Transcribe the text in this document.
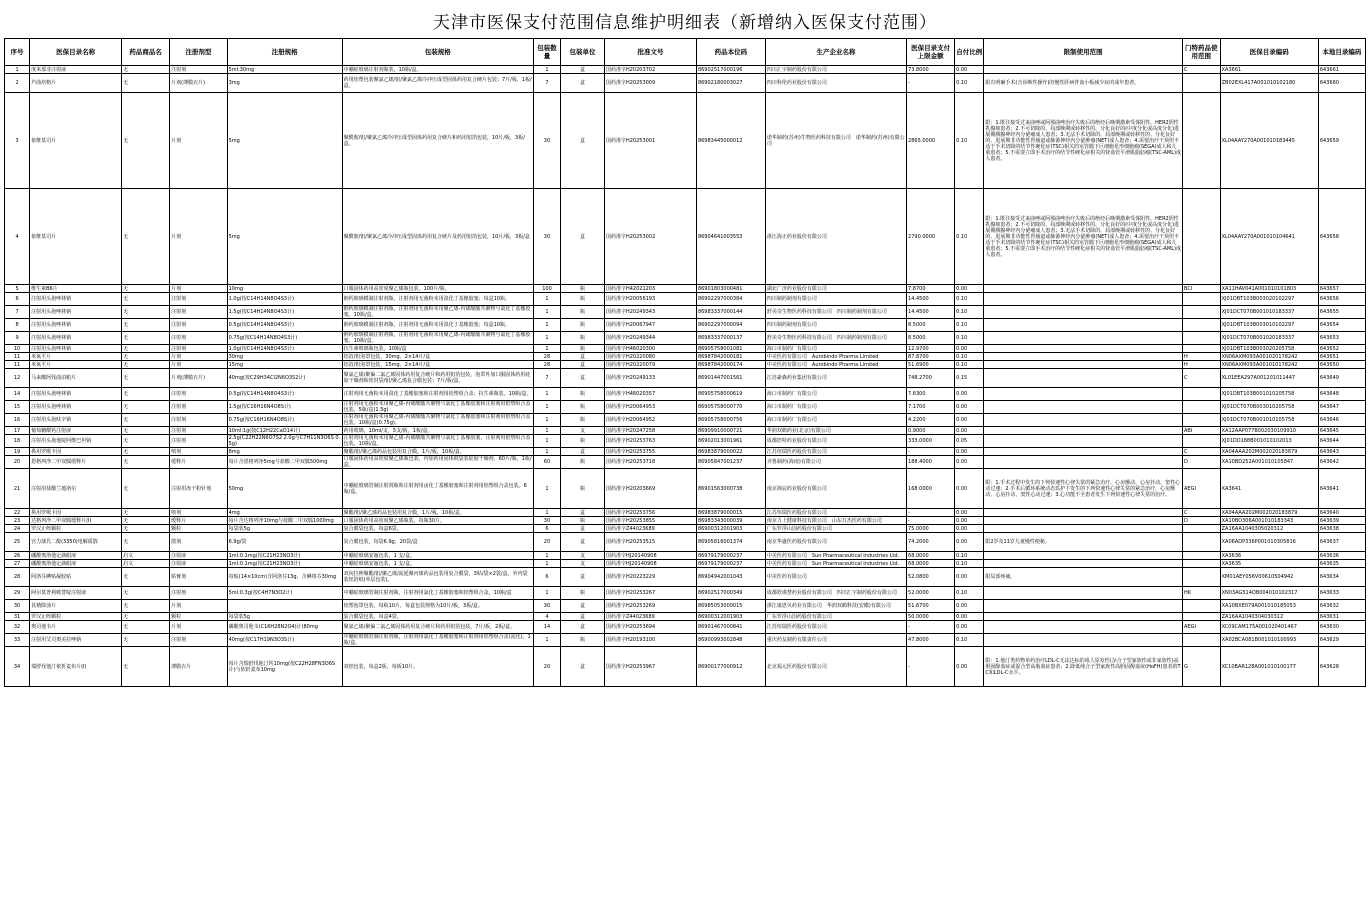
天津市医保支付范围信息维护明细表（新增纳入医保支付范围）
序号	医保目录名称	药品商品名	注册剂型	注册规格	包装规格	包装数量	包装单位	批准文号	药品本位码	生产企业名称	医保目录支付上限金额	自付比例	限制使用范围	门特药品使用范围	医保目录编码	本地目录编码
1	度米那非注射液	无	注射剂	5ml:30mg	中硼硅玻璃注射剂瓶装，10瓶/盒。	1	盒	国药准字H20203702	86902517000196	四川汇宇制药股份有限公司	73.8000	0.00		C	XA3661	643661
2	芦曲培格片	无	片剂(薄膜衣片)	3mg	药用铝塑包装聚氯乙烯/铝/聚氯乙烯冷冲压成型固体药用复合硬片包装；7片/板，1板/盒。	7	盒	国药准字H20253009	86902180003027	四川科伦药业股份有限公司	-	0.10	限有明确手术(含诊断性操作)的慢性肝病伴血小板减少症的成年患者。		ZB02EXL417A001010102180	643660
3	依维莫司片	无	片剂	5mg	聚酰胺/铝/聚氯乙烯冷冲压成型固体药用复合硬片和药用铝箔包装，10片/板，3板/盒。	30	盒	国药准字H20253001	86983445000012	诺华制药(苏州)生物医药科技有限公司　诺华制药(苏州)有限公司	2865.0000	0.10	限：1.既往接受过来曲唑或阿那曲唑治疗失败后的绝经后晚期激素受体阳性、HER2阴性乳腺癌患者；2.不可切除的、局部晚期或转移性的、分化良好的(中度分化或高度分化)进展期胰腺神经内分泌瘤成人患者；3.无法手术切除的、局部晚期或转移性的、分化良好的、进展期非功能性胃肠道或肺源神经内分泌肿瘤(NET)成人患者；4.需要治疗干预但不适于手术切除的结节性硬化症(TSC)相关的室管膜下巨细胞星形细胞瘤(SEGA)成人和儿童患者；5.不需要立即手术治疗的结节性硬化症相关的肾血管平滑肌脂肪瘤(TSC-AML)成人患者。		XL04AAY270A001010183445	643659
4	依维莫司片	无	片剂	5mg	聚酰胺/铝/聚氯乙烯冷冲压成型固体药用复合硬片及药用铝箔包装，10片/板，3板/盒	30	盒	国药准字H20253002	86904641003553	浙江海正药业股份有限公司	2790.0000	0.10	限：1.既往接受过来曲唑或阿那曲唑治疗失败后的绝经后晚期激素受体阳性、HER2阴性乳腺癌患者；2.不可切除的、局部晚期或转移性的、分化良好的(中度分化或高度分化)进展期胰腺神经内分泌瘤成人患者；3.无法手术切除的、局部晚期或转移性的、分化良好的、进展期非功能性胃肠道或肺源神经内分泌肿瘤(NET)成人患者；4.需要治疗干预但不适于手术切除的结节性硬化症(TSC)相关的室管膜下巨细胞星形细胞瘤(SEGA)成人和儿童患者；5.不需要立即手术治疗的结节性硬化症相关的肾血管平滑肌脂肪瘤(TSC-AML)成人患者。		XL04AAY270A001010104641	643658
5	维生素B6片	无	片剂	10mg	口服固体药用高密度聚乙烯瓶包装，100片/瓶。	100	瓶	国药准字H42021203	86901803000481	湖北广济药业股份有限公司	7.8700	0.00		BCI	XA11HAV041A001010101803	643657
6	注射用头孢唑林钠	无	注射剂	1.0g(按C14H14N8O4S3计)	钠钙玻璃模制注射剂瓶，注射剂用无菌粉末用溴化丁基橡胶塞；每盒10瓶。	1	瓶	国药准字H20056193	86902297000384	四川制药制剂有限公司	14.4500	0.10			XJ01DBT103B003020102297	643656
7	注射用头孢唑林钠	无	注射剂	1.5g(按C14H14N8O4S3计)	钠钙玻璃模制注射剂瓶，注射剂用无菌粉末用聚乙烯-丙烯酸酯共聚物与氯化丁基橡胶塞，10瓶/盒。	1	瓶	国药准字H20249343	86983337000144	舒美奇生物医药科技有限公司　四川制药制剂有限公司	14.4500	0.10			XJ01DCT070B001010183337	643655
8	注射用头孢唑林钠	无	注射剂	0.5g(按C14H14N8O4S3计)	钠钙玻璃模制注射剂瓶，注射剂用无菌粉末用溴化丁基橡胶塞；每盒10瓶。	1	瓶	国药准字H20067947	86902297000094	四川制药制剂有限公司	8.5000	0.10			XJ01DBT103B003010102297	643654
9	注射用头孢唑林钠	无	注射剂	0.75g(按C14H14N8O4S3计)	钠钙玻璃模制注射剂瓶，注射剂用无菌粉末用聚乙烯-丙烯酸酯共聚物与氯化丁基橡胶塞，10瓶/盒。	1	瓶	国药准字H20249344	86983337000137	舒美奇生物医药科技有限公司　四川制药制剂有限公司	8.5000	0.10			XJ01DCT070B001020183337	643653
10	注射用头孢唑林钠	无	注射剂	1.0g(按C14H14N8O4S3计)	抗生素玻璃瓶包装，10瓶/盒	1	瓶	国药准字H46020300	86905758001081	海口市制药厂有限公司	12.9700	0.00			XJ01DBT103B003020205758	643652
11	米氮平片	无	片剂	30mg	铝箔/铝泡罩包装，30mg，2×14片/盒	28	盒	国药准字H20220080	86987842000181	中美医药有限公司　Aurobindo Pharma Limited	87.8700	0.10		H	XN06AXM093A001020178242	643651
11	米氮平片	无	片剂	15mg	铝箔/铝泡罩包装，15mg，2×14片/盒	28	盒	国药准字H20220079	86987842000174	中美医药有限公司　Aurobindo Pharma Limited	51.6900	0.10		H	XN06AXM093A001010178242	643650
12	马来酸阿伐曲泊帕片	无	片剂(薄膜衣片)	40mg(按C29H34Cl2N6O3S2计)	聚氯乙烯/聚偏二氯乙烯固体药用复合硬片和药用铝箔包装，泡罩外加口服固体药用硅胶干燥剂和密封袋/铝/聚乙烯复合膜包装；7片/板/盒。	7	盒	国药准字H20249133	86901447001561	江苏豪森药业集团有限公司	748.2700	0.15		C	XL01EEA297A001201011447	643649
14	注射用头孢唑林钠	无	注射剂	0.5g(按C14H14N8O4S3计)	注射剂用无菌粉末用溴化丁基橡胶塞和注射剂用铝塑组合盖；抗生素瓶装。10瓶/盒。	1	瓶	国药准字H46020357	86905758000619	海口市制药厂有限公司	7.6300	0.00			XJ01DBT103B001010205758	643648
15	注射用头孢唑林钠	无	注射剂	1.5g(按C16H16N4O8S计)	注射剂用无菌粉末用聚乙烯-丙烯酸酯共聚物与氯化丁基橡胶塞和注射剂用铝塑组合盖包装。5瓶/盒(1.5g)	1	瓶	国药准字H20064953	86905758000770	海口市制药厂有限公司	7.1700	0.00			XJ01DCT070B003010205758	643647
16	注射用头孢呋辛钠	无	注射剂	0.75g(按C16H16N4O8S计)	注射剂用无菌粉末用聚乙烯-丙烯酸酯共聚物与氯化丁基橡胶塞和注射剂用铝塑组合盖包装。10瓶/盒(0.75g)。	1	瓶	国药准字H20064952	86905758000756	海口市制药厂有限公司	4.2200	0.00			XJ01DCT070B001010105758	643646
17	葡萄糖酸钙注射液	无	注射剂	10ml:1g(按C12H22CaO14计)	药用玻璃，10ml/支，5支/板，1板/盒。	1	支	国药准字H20247258	86909910000721	华润双鹤药业(北京)有限公司	0.9000	0.00		ABI	XA12AAP077B002030109910	643645
18	注射用头孢他啶阿维巴坦钠	无	注射剂	2.5g(C22H22N6O7S2 2.0g与C7H11N3O6S 0.5g)	注射剂用无菌粉末用聚乙烯-丙烯酸酯共聚物与氯化丁基橡胶塞，注射剂用铝塑组合盖包装，10瓶/盒。	1	瓶	国药准字H20253763	86902013001961	成都倍特药业股份有限公司	333.0000	0.05			XJ01DD188B001010102013	643644
19	鼻用罗哌卡因	无	喷剂	8mg	聚酯/铝/聚乙烯药品包装用复合膜，1片/板，10板/盒。	1	盒	国药准字H20253755	86983879000022	江苏恒瑞医药股份有限公司	-	0.00		C	XA04AAA202M002020183879	643643
20	恩格列净二甲双胍缓释片	无	缓释片	每片含恩格列净5mg与盐酸二甲双胍500mg	口服固体药用高密度聚乙烯瓶包装，内加药用固体纸袋装硅胶干燥剂，60片/瓶，1瓶/盒。	60	瓶	国药准字H20253718	86905847001237	齐鲁制药(海南)有限公司	188.4000	0.00		D	XA10BD252A001010105847	643642
21	注射用盐酸兰地洛尔	无	注射用冻干粉针剂	50mg	中硼硅玻璃管制注射剂瓶和注射剂用卤化丁基橡胶塞和注射剂用铝塑组合盖包装。6瓶/盒。	1	瓶	国药准字H20203669	86901563000738	南京海辰药业股份有限公司	168.0000	0.00	限：1.手术过程中发生的下列快速性心律失常的紧急治疗，心房颤动、心房扑动、窦性心动过速；2.手术后循环系统动态监护下发生的下列快速性心律失常的紧急治疗，心房颤动、心房扑动、窦性心动过速；3.心功能不全患者发生下列快速性心律失常的治疗。	AEGI	XA3641	643641
22	鼻用罗哌卡因	无	喷剂	4mg	聚酯/铝/聚乙烯药品包装用复合膜，1片/板，10板/盒。	1	盒	国药准字H20253756	86983879000015	江苏恒瑞医药股份有限公司	-	0.00		C	XA04AAA202M002020183879	643640
23	达格列净二甲双胍缓释片(I)	无	缓释片	每片含达格列净10mg与盐酸二甲双胍1000mg	口服固体药用高密度聚乙烯瓶装，每瓶30片。	30	瓶	国药准字H20253855	86983343000039	南京力上健康科技有限公司　山东万杰医药有限公司	-	0.00		D	XA10BD306A001010183343	643639
24	罗汉止咳颗粒	无	颗粒	每袋装5g	复合膜袋包装，每盒6袋。	6	盒	国药准字Z44023689	86900312001903	广东罗浮山国药股份有限公司	75.0000	0.00			ZA16AA1040305020312	643638
25	宫力蒲氏二醇(3350)电解质散	无	散剂	6.9g/袋	复合膜包装，每袋6.9g，20袋/盒	20	盒	国药准字H20253515	86905816001374	南京华盛医药股份有限公司	74.2000	0.00	限2岁及11岁儿童慢性便秘。		XA06ADP336P001010305816	643637
26	硼酸奥洛他定滴眼液	启文	注射液	1ml:0.1mg(按C21H23NO3计)	中硼硅玻璃安瓿包装，1 支/盒。	1	支	国药准字HJ20140908	86979179000237	中美医药有限公司　Sun Pharmaceutical Industries Ltd.	68.0000	0.10			XA3636	643636
27	硼酸奥洛他定滴眼液	启文	注射液	1ml:0.1mg(按C21H23NO3计)	中硼硅玻璃安瓿包装，1 支/盒。	1	支	国药准字HJ20140908	86979179000237	中美医药有限公司　Sun Pharmaceutical Industries Ltd.	68.0000	0.10			XA3635	643635
28	阿洛芬碘贴凝胶贴	无	贴膏剂	每贴(14×10cm)含阿洛芬13g，含碘络芬30mg	双向拉伸聚酯/铝/聚乙烯/流延聚丙烯药品包装用复合膜袋，3贴/袋×2袋/盒，外内袋装铝箔纸(单层包装)。	6	盒	国药准字H20223229	86904942001043	中美医药有限公司	52.0800	0.00	限局部疼痛。		XM01AEY056V00610504942	643634
29	阿尔莫普利哌替啶注射液	无	注射剂	5ml:0.3g(按C4H7N3O2计)	中硼硅玻璃管制注射剂瓶，注射剂用氯化丁基橡胶塞和铝塑组合盖，10瓶/盒	1	瓶	国药准字H20253267	86902517000349	成都欣谨慧药业股份有限公司　四川汇宇制药股份有限公司	52.0000	0.10		HK	XN03AG514OB004010102317	643633
30	芪楂降浊片	无	片剂		铝塑泡罩包装，每板10片，每盒包装规格为10片/板，3板/盒。	30	盒	国药准字H20253269	86985053000015	浙江康恩贝药业有限公司　华润双鹤科技(安徽)有限公司	51.6700	0.00			XA10BXE079A001010185053	643632
31	罗汉止咳颗粒	无	颗粒	每袋装5g	复合膜袋包装，每盒4袋。	4	盒	国药准字Z44023689	86900312001903	广东罗浮山国药股份有限公司	50.0000	0.00			ZA16AA1040304030312	643631
32	奥司他韦片	无	片剂	磷酸奥司他韦(C16H28N2O4)计)80mg	聚氯乙烯/聚偏二氯乙烯固体药用复合硬片和药用铝箔包装，7片/板，2板/盒。	14	盒	国药准字H20253694	86901467000841	江苏恒瑞医药股份有限公司	-	0.00		AEGI	XC09CAM175A001020401467	643630
33	注射用艾司奥美拉唑钠	无	注射剂	40mg(按C17H19N3O3S计)	中硼硅玻璃管制注射剂瓶，注射剂用氯化丁基橡胶塞和注射剂用铝塑组合盖(流化)，1 瓶/盒。	1	瓶	国药准字H20193100	86900993002848	重庆药友制药有限责任公司	47.8000	0.10			XA02BCA081B001010100993	643629
34	瑞舒伐他汀依折麦布片(I)	无	薄膜衣片	每片含瑞舒伐他汀钙10mg(按C22H28FN3O6S计)与依折麦布10mg	双铝包装，每盒2板，每板10片。	20	盒	国药准字H20253967	86900177000912	北京福元医药股份有限公司	-	0.00	限：1.他汀类药物单药治疗LDL-C无法达标的成人原发性(杂合子型家族性或非家族性)高胆固醇血症或混合型高脂血症患者；2.降低纯合子型家族性高胆固醇血症(HoFH)患者的TC和LDL-C水平。	G	XC10BAR128A001010100177	643628
